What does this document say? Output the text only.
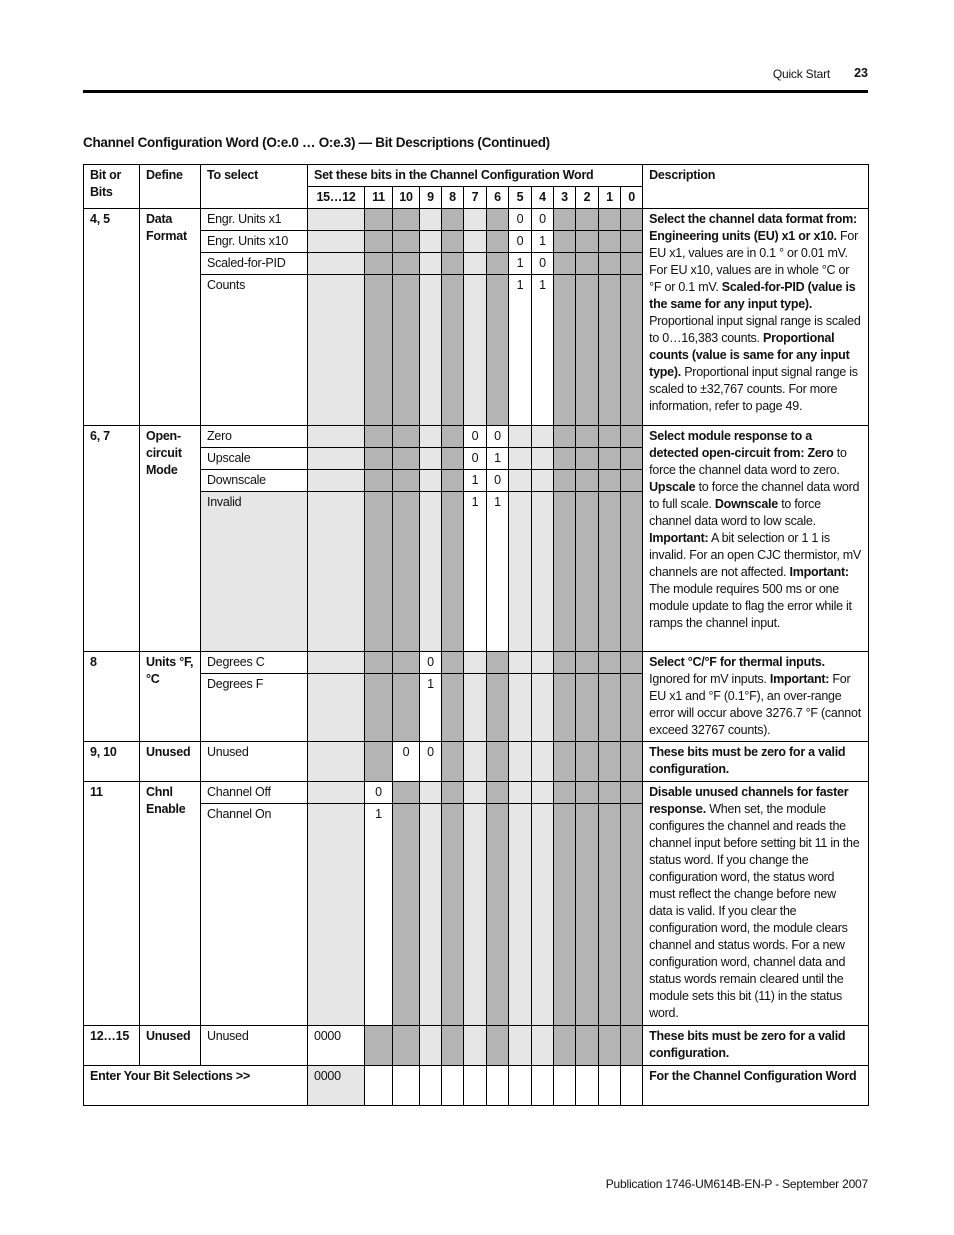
Quick Start 23
Channel Configuration Word (O:e.0 … O:e.3) — Bit Descriptions (Continued)
Bit or Bits	Define	To select	Set these bits in the Channel Configuration Word													Description
			15…12	11	10	9	8	7	6	5	4	3	2	1	0	
4, 5	Data Format	Engr. Units x1								0	0					Select the channel data format from: Engineering units (EU) x1 or x10. For EU x1, values are in 0.1 ° or 0.01 mV. For EU x10, values are in whole °C or °F or 0.1 mV. Scaled-for-PID (value is the same for any input type). Proportional input signal range is scaled to 0…16,383 counts. Proportional counts (value is same for any input type). Proportional input signal range is scaled to ±32,767 counts. For more information, refer to page 49.
		Engr. Units x10								0	1					
		Scaled-for-PID								1	0					
		Counts								1	1					
6, 7	Open-circuit Mode	Zero						0	0							Select module response to a detected open-circuit from: Zero to force the channel data word to zero. Upscale to force the channel data word to full scale. Downscale to force channel data word to low scale. Important: A bit selection or 1 1 is invalid. For an open CJC thermistor, mV channels are not affected. Important: The module requires 500 ms or one module update to flag the error while it ramps the channel input.
		Upscale						0	1							
		Downscale						1	0							
		Invalid						1	1							
8	Units °F, °C	Degrees C				0										Select °C/°F for thermal inputs. Ignored for mV inputs. Important: For EU x1 and °F (0.1°F), an over-range error will occur above 3276.7 °F (cannot exceed 32767 counts).
		Degrees F				1										
9, 10	Unused	Unused			0	0										These bits must be zero for a valid configuration.
11	Chnl Enable	Channel Off		0												Disable unused channels for faster response. When set, the module configures the channel and reads the channel input before setting bit 11 in the status word. If you change the configuration word, the status word must reflect the change before new data is valid. If you clear the configuration word, the module clears channel and status words. For a new configuration word, channel data and status words remain cleared until the module sets this bit (11) in the status word.
		Channel On		1												
12…15	Unused	Unused	0000													These bits must be zero for a valid configuration.
Enter Your Bit Selections >>			0000													For the Channel Configuration Word
Publication 1746-UM614B-EN-P - September 2007
